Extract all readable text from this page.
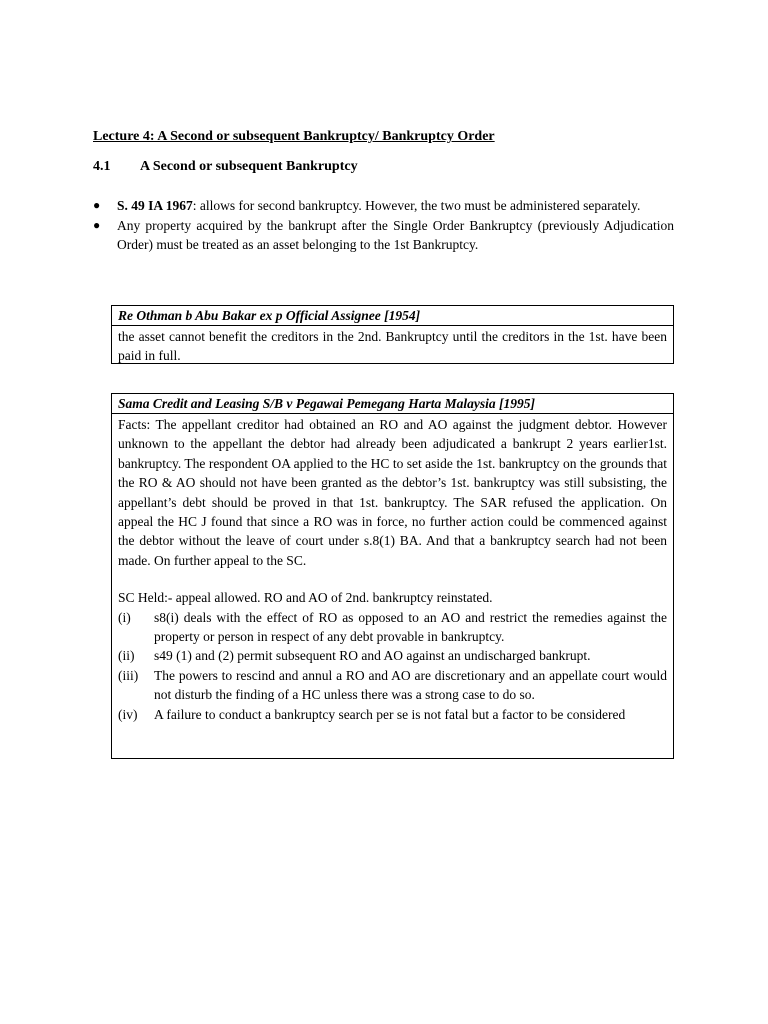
Lecture 4: A Second or subsequent Bankruptcy/ Bankruptcy Order
4.1 A Second or subsequent Bankruptcy
● S. 49 IA 1967: allows for second bankruptcy. However, the two must be administered separately.
● Any property acquired by the bankrupt after the Single Order Bankruptcy (previously Adjudication Order) must be treated as an asset belonging to the 1st Bankruptcy.
Re Othman b Abu Bakar ex p Official Assignee [1954]
the asset cannot benefit the creditors in the 2nd. Bankruptcy until the creditors in the 1st. have been paid in full.
Sama Credit and Leasing S/B v Pegawai Pemegang Harta Malaysia [1995]
Facts: The appellant creditor had obtained an RO and AO against the judgment debtor. However unknown to the appellant the debtor had already been adjudicated a bankrupt 2 years earlier1st. bankruptcy. The respondent OA applied to the HC to set aside the 1st. bankruptcy on the grounds that the RO & AO should not have been granted as the debtor’s 1st. bankruptcy was still subsisting, the appellant’s debt should be proved in that 1st. bankruptcy. The SAR refused the application. On appeal the HC J found that since a RO was in force, no further action could be commenced against the debtor without the leave of court under s.8(1) BA. And that a bankruptcy search had not been made. On further appeal to the SC.
SC Held:- appeal allowed. RO and AO of 2nd. bankruptcy reinstated.
(i) s8(i) deals with the effect of RO as opposed to an AO and restrict the remedies against the property or person in respect of any debt provable in bankruptcy.
(ii) s49 (1) and (2) permit subsequent RO and AO against an undischarged bankrupt.
(iii) The powers to rescind and annul a RO and AO are discretionary and an appellate court would not disturb the finding of a HC unless there was a strong case to do so.
(iv) A failure to conduct a bankruptcy search per se is not fatal but a factor to be considered
